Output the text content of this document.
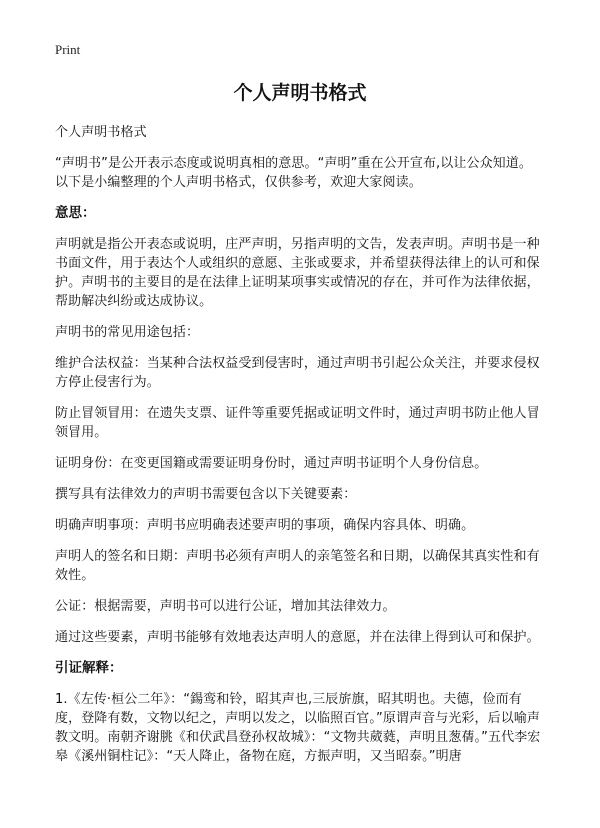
Print

个人声明书格式

个人声明书格式

“声明书”是公开表示态度或说明真相的意思。“声明”重在公开宣布,以让公众知道。以下是小编整理的个人声明书格式，仅供参考，欢迎大家阅读。

意思：

声明就是指公开表态或说明，庄严声明，另指声明的文告，发表声明。声明书是一种书面文件，用于表达个人或组织的意愿、主张或要求，并希望获得法律上的认可和保护。声明书的主要目的是在法律上证明某项事实或情况的存在，并可作为法律依据，帮助解决纠纷或达成协议。

声明书的常见用途包括：

维护合法权益：当某种合法权益受到侵害时，通过声明书引起公众关注，并要求侵权方停止侵害行为。

防止冒领冒用：在遗失支票、证件等重要凭据或证明文件时，通过声明书防止他人冒领冒用。

证明身份：在变更国籍或需要证明身份时，通过声明书证明个人身份信息。

撰写具有法律效力的声明书需要包含以下关键要素：

明确声明事项：声明书应明确表述要声明的事项，确保内容具体、明确。

声明人的签名和日期：声明书必须有声明人的亲笔签名和日期，以确保其真实性和有效性。

公证：根据需要，声明书可以进行公证，增加其法律效力。

通过这些要素，声明书能够有效地表达声明人的意愿，并在法律上得到认可和保护。

引证解释：

1.《左传·桓公二年》：“鍚鸾和铃，昭其声也,三辰旂旗，昭其明也。夫德，俭而有度，登降有数，文物以纪之，声明以发之，以临照百官。”原谓声音与光彩，后以喻声教文明。南朝齐谢朓《和伏武昌登孙权故城》：“文物共葳蕤，声明且葱蒨。”五代李宏皋《溪州铜柱记》：“天人降止，备物在庭，方振声明，又当昭泰。”明唐
